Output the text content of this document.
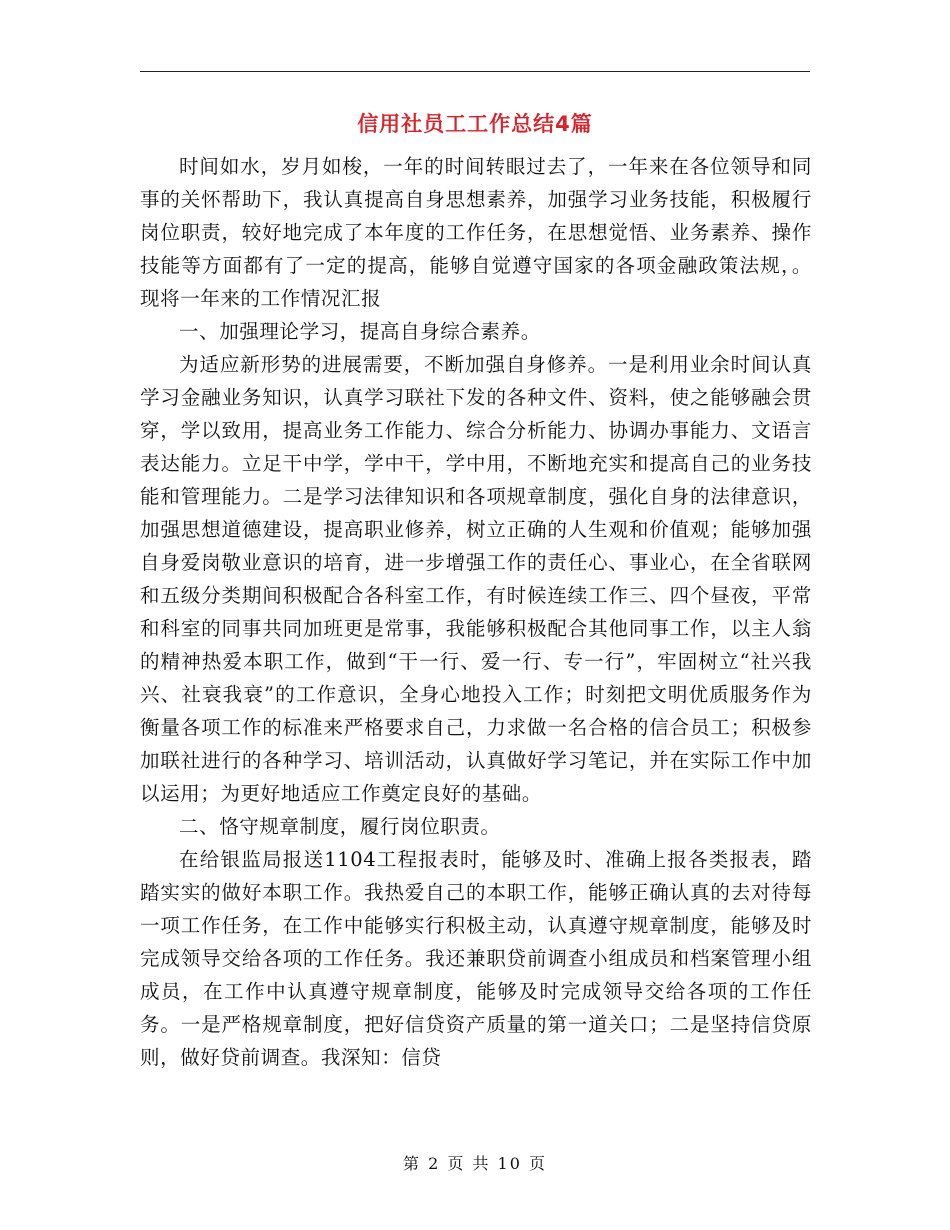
信用社员工工作总结4篇

时间如水，岁月如梭，一年的时间转眼过去了，一年来在各位领导和同事的关怀帮助下，我认真提高自身思想素养，加强学习业务技能，积极履行岗位职责，较好地完成了本年度的工作任务，在思想觉悟、业务素养、操作技能等方面都有了一定的提高，能够自觉遵守国家的各项金融政策法规，。现将一年来的工作情况汇报

一、加强理论学习，提高自身综合素养。

为适应新形势的进展需要，不断加强自身修养。一是利用业余时间认真学习金融业务知识，认真学习联社下发的各种文件、资料，使之能够融会贯穿，学以致用，提高业务工作能力、综合分析能力、协调办事能力、文语言表达能力。立足干中学，学中干，学中用，不断地充实和提高自己的业务技能和管理能力。二是学习法律知识和各项规章制度，强化自身的法律意识，加强思想道德建设，提高职业修养，树立正确的人生观和价值观；能够加强自身爱岗敬业意识的培育，进一步增强工作的责任心、事业心，在全省联网和五级分类期间积极配合各科室工作，有时候连续工作三、四个昼夜，平常和科室的同事共同加班更是常事，我能够积极配合其他同事工作，以主人翁的精神热爱本职工作，做到“干一行、爱一行、专一行”，牢固树立“社兴我兴、社衰我衰”的工作意识，全身心地投入工作；时刻把文明优质服务作为衡量各项工作的标准来严格要求自己，力求做一名合格的信合员工；积极参加联社进行的各种学习、培训活动，认真做好学习笔记，并在实际工作中加以运用；为更好地适应工作奠定良好的基础。

二、恪守规章制度，履行岗位职责。

在给银监局报送1104工程报表时，能够及时、准确上报各类报表，踏踏实实的做好本职工作。我热爱自己的本职工作，能够正确认真的去对待每一项工作任务，在工作中能够实行积极主动，认真遵守规章制度，能够及时完成领导交给各项的工作任务。我还兼职贷前调查小组成员和档案管理小组成员，在工作中认真遵守规章制度，能够及时完成领导交给各项的工作任务。一是严格规章制度，把好信贷资产质量的第一道关口；二是坚持信贷原则，做好贷前调查。我深知：信贷

第 2 页 共 10 页
